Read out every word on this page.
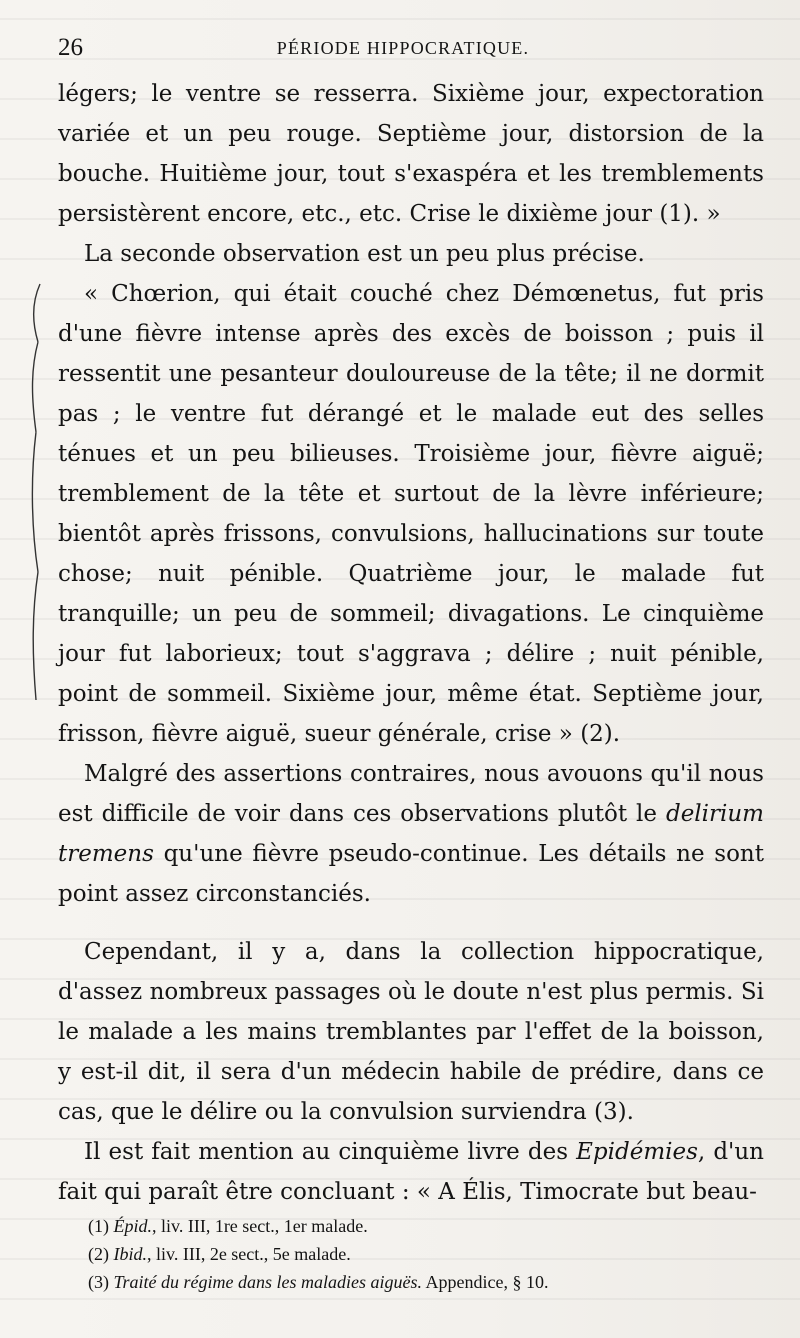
26	PÉRIODE HIPPOCRATIQUE.

légers; le ventre se resserra. Sixième jour, expectoration variée et un peu rouge. Septième jour, distorsion de la bouche. Huitième jour, tout s'exaspéra et les tremblements persistèrent encore, etc., etc. Crise le dixième jour (1). »

La seconde observation est un peu plus précise.

« Chœrion, qui était couché chez Démœnetus, fut pris d'une fièvre intense après des excès de boisson ; puis il ressentit une pesanteur douloureuse de la tête; il ne dormit pas ; le ventre fut dérangé et le malade eut des selles ténues et un peu bilieuses. Troisième jour, fièvre aiguë; tremblement de la tête et surtout de la lèvre inférieure; bientôt après frissons, convulsions, hallucinations sur toute chose; nuit pénible. Quatrième jour, le malade fut tranquille; un peu de sommeil; divagations. Le cinquième jour fut laborieux; tout s'aggrava ; délire ; nuit pénible, point de sommeil. Sixième jour, même état. Septième jour, frisson, fièvre aiguë, sueur générale, crise » (2).

Malgré des assertions contraires, nous avouons qu'il nous est difficile de voir dans ces observations plutôt le delirium tremens qu'une fièvre pseudo-continue. Les détails ne sont point assez circonstanciés.

Cependant, il y a, dans la collection hippocratique, d'assez nombreux passages où le doute n'est plus permis. Si le malade a les mains tremblantes par l'effet de la boisson, y est-il dit, il sera d'un médecin habile de prédire, dans ce cas, que le délire ou la convulsion surviendra (3).

Il est fait mention au cinquième livre des Epidémies, d'un fait qui paraît être concluant : « A Élis, Timocrate but beau-

(1) Épid., liv. III, 1re sect., 1er malade.

(2) Ibid., liv. III, 2e sect., 5e malade.

(3) Traité du régime dans les maladies aiguës. Appendice, § 10.
